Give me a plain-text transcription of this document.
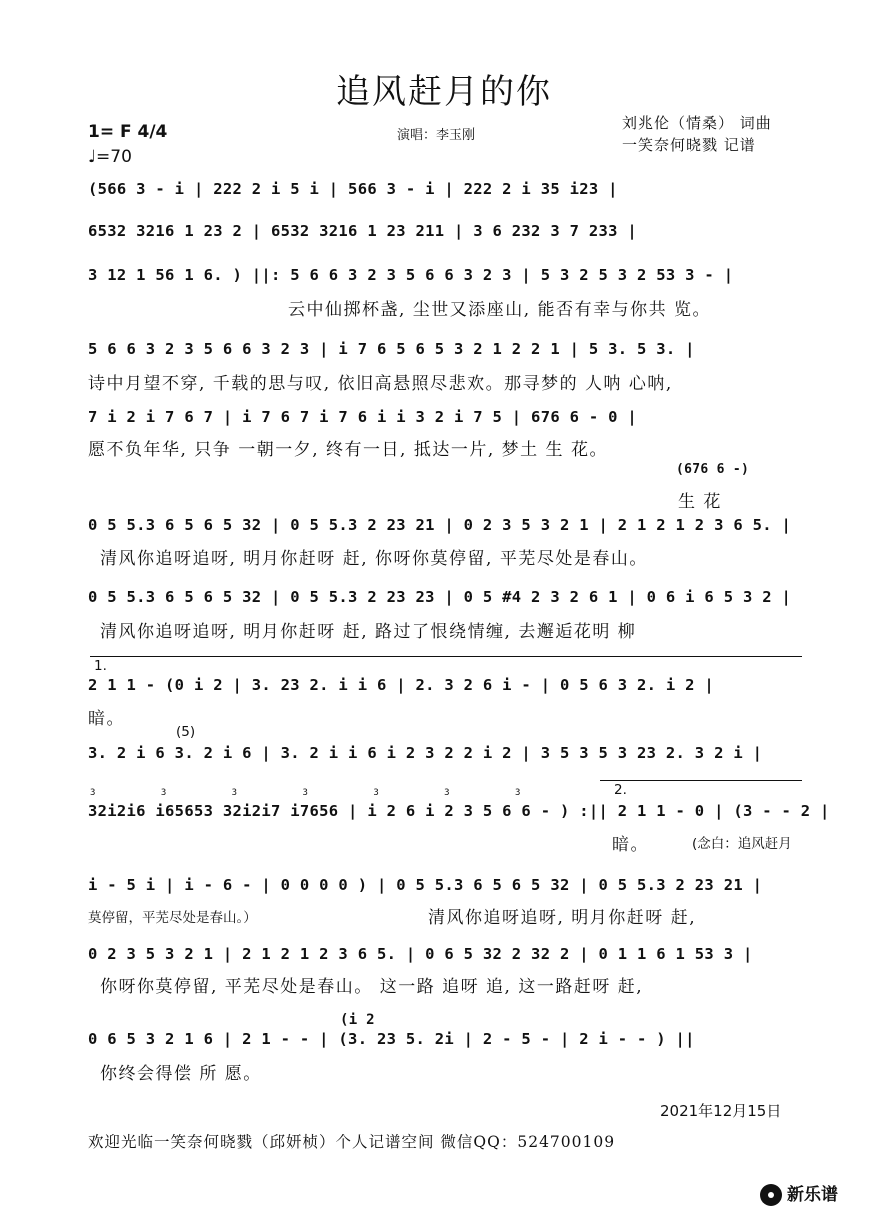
追风赶月的你
1= F 4/4
♩=70
演唱：李玉刚
刘兆伦（情桑） 词曲
一笑奈何晓戮 记谱
(566 3 - i | 222 2 i 5 i | 566 3 - i | 222 2 i 35 i23 |
6532 3216 1 23 2 | 6532 3216 1 23 211 | 3 6 232 3 7 233 |
3 12 1 56 1 6. ) ||: 5 6 6 3 2 3 5 6 6 3 2 3 | 5 3 2 5 3 2 53 3 - |
云中仙掷杯盏, 尘世又添座山, 能否有幸与你共 览。
5 6 6 3 2 3 5 6 6 3 2 3 | i 7 6 5 6 5 3 2 1 2 2 1 | 5 3. 5 3. |
诗中月望不穿, 千载的思与叹, 依旧高悬照尽悲欢。那寻梦的 人呐 心呐,
7 i 2 i 7 6 7 | i 7 6 7 i 7 6 i i 3 2 i 7 5 | 676 6 - 0 |
愿不负年华, 只争 一朝一夕, 终有一日, 抵达一片, 梦土 生 花。
(676 6 -)
生 花
0 5 5.3 6 5 6 5 32 | 0 5 5.3 2 23 21 | 0 2 3 5 3 2 1 | 2 1 2 1 2 3 6 5. |
清风你追呀追呀, 明月你赶呀 赶, 你呀你莫停留, 平芜尽处是春山。
0 5 5.3 6 5 6 5 32 | 0 5 5.3 2 23 23 | 0 5 #4 2 3 2 6 1 | 0 6 i 6 5 3 2 |
清风你追呀追呀, 明月你赶呀 赶, 路过了恨绕情缠, 去邂逅花明 柳
1.
2 1 1 - (0 i 2 | 3. 23 2. i i 6 | 2. 3 2 6 i - | 0 5 6 3 2. i 2 |
暗。
(5)
3. 2 i 6 3. 2 i 6 | 3. 2 i i 6 i 2 3 2 2 i 2 | 3 5 3 5 3 23 2. 3 2 i |
2.
3 3 3 3 3 3 3
32i2i6 i65653 32i2i7 i7656 | i 2 6 i 2 3 5 6 6 - ) :|| 2 1 1 - 0 | (3 - - 2 |
暗。	(念白：追风赶月
i - 5 i | i - 6 - | 0 0 0 0 ) | 0 5 5.3 6 5 6 5 32 | 0 5 5.3 2 23 21 |
莫停留，平芜尽处是春山。）	清风你追呀追呀, 明月你赶呀 赶,
0 2 3 5 3 2 1 | 2 1 2 1 2 3 6 5. | 0 6 5 32 2 32 2 | 0 1 1 6 1 53 3 |
你呀你莫停留, 平芜尽处是春山。 这一路 追呀 追, 这一路赶呀 赶,
(i 2
0 6 5 3 2 1 6 | 2 1 - - | (3. 23 5. 2i | 2 - 5 - | 2 i - - ) ||
你终会得偿 所 愿。
2021年12月15日
欢迎光临一笑奈何晓戮（邱妍桢）个人记谱空间 微信QQ：524700109
新乐谱
